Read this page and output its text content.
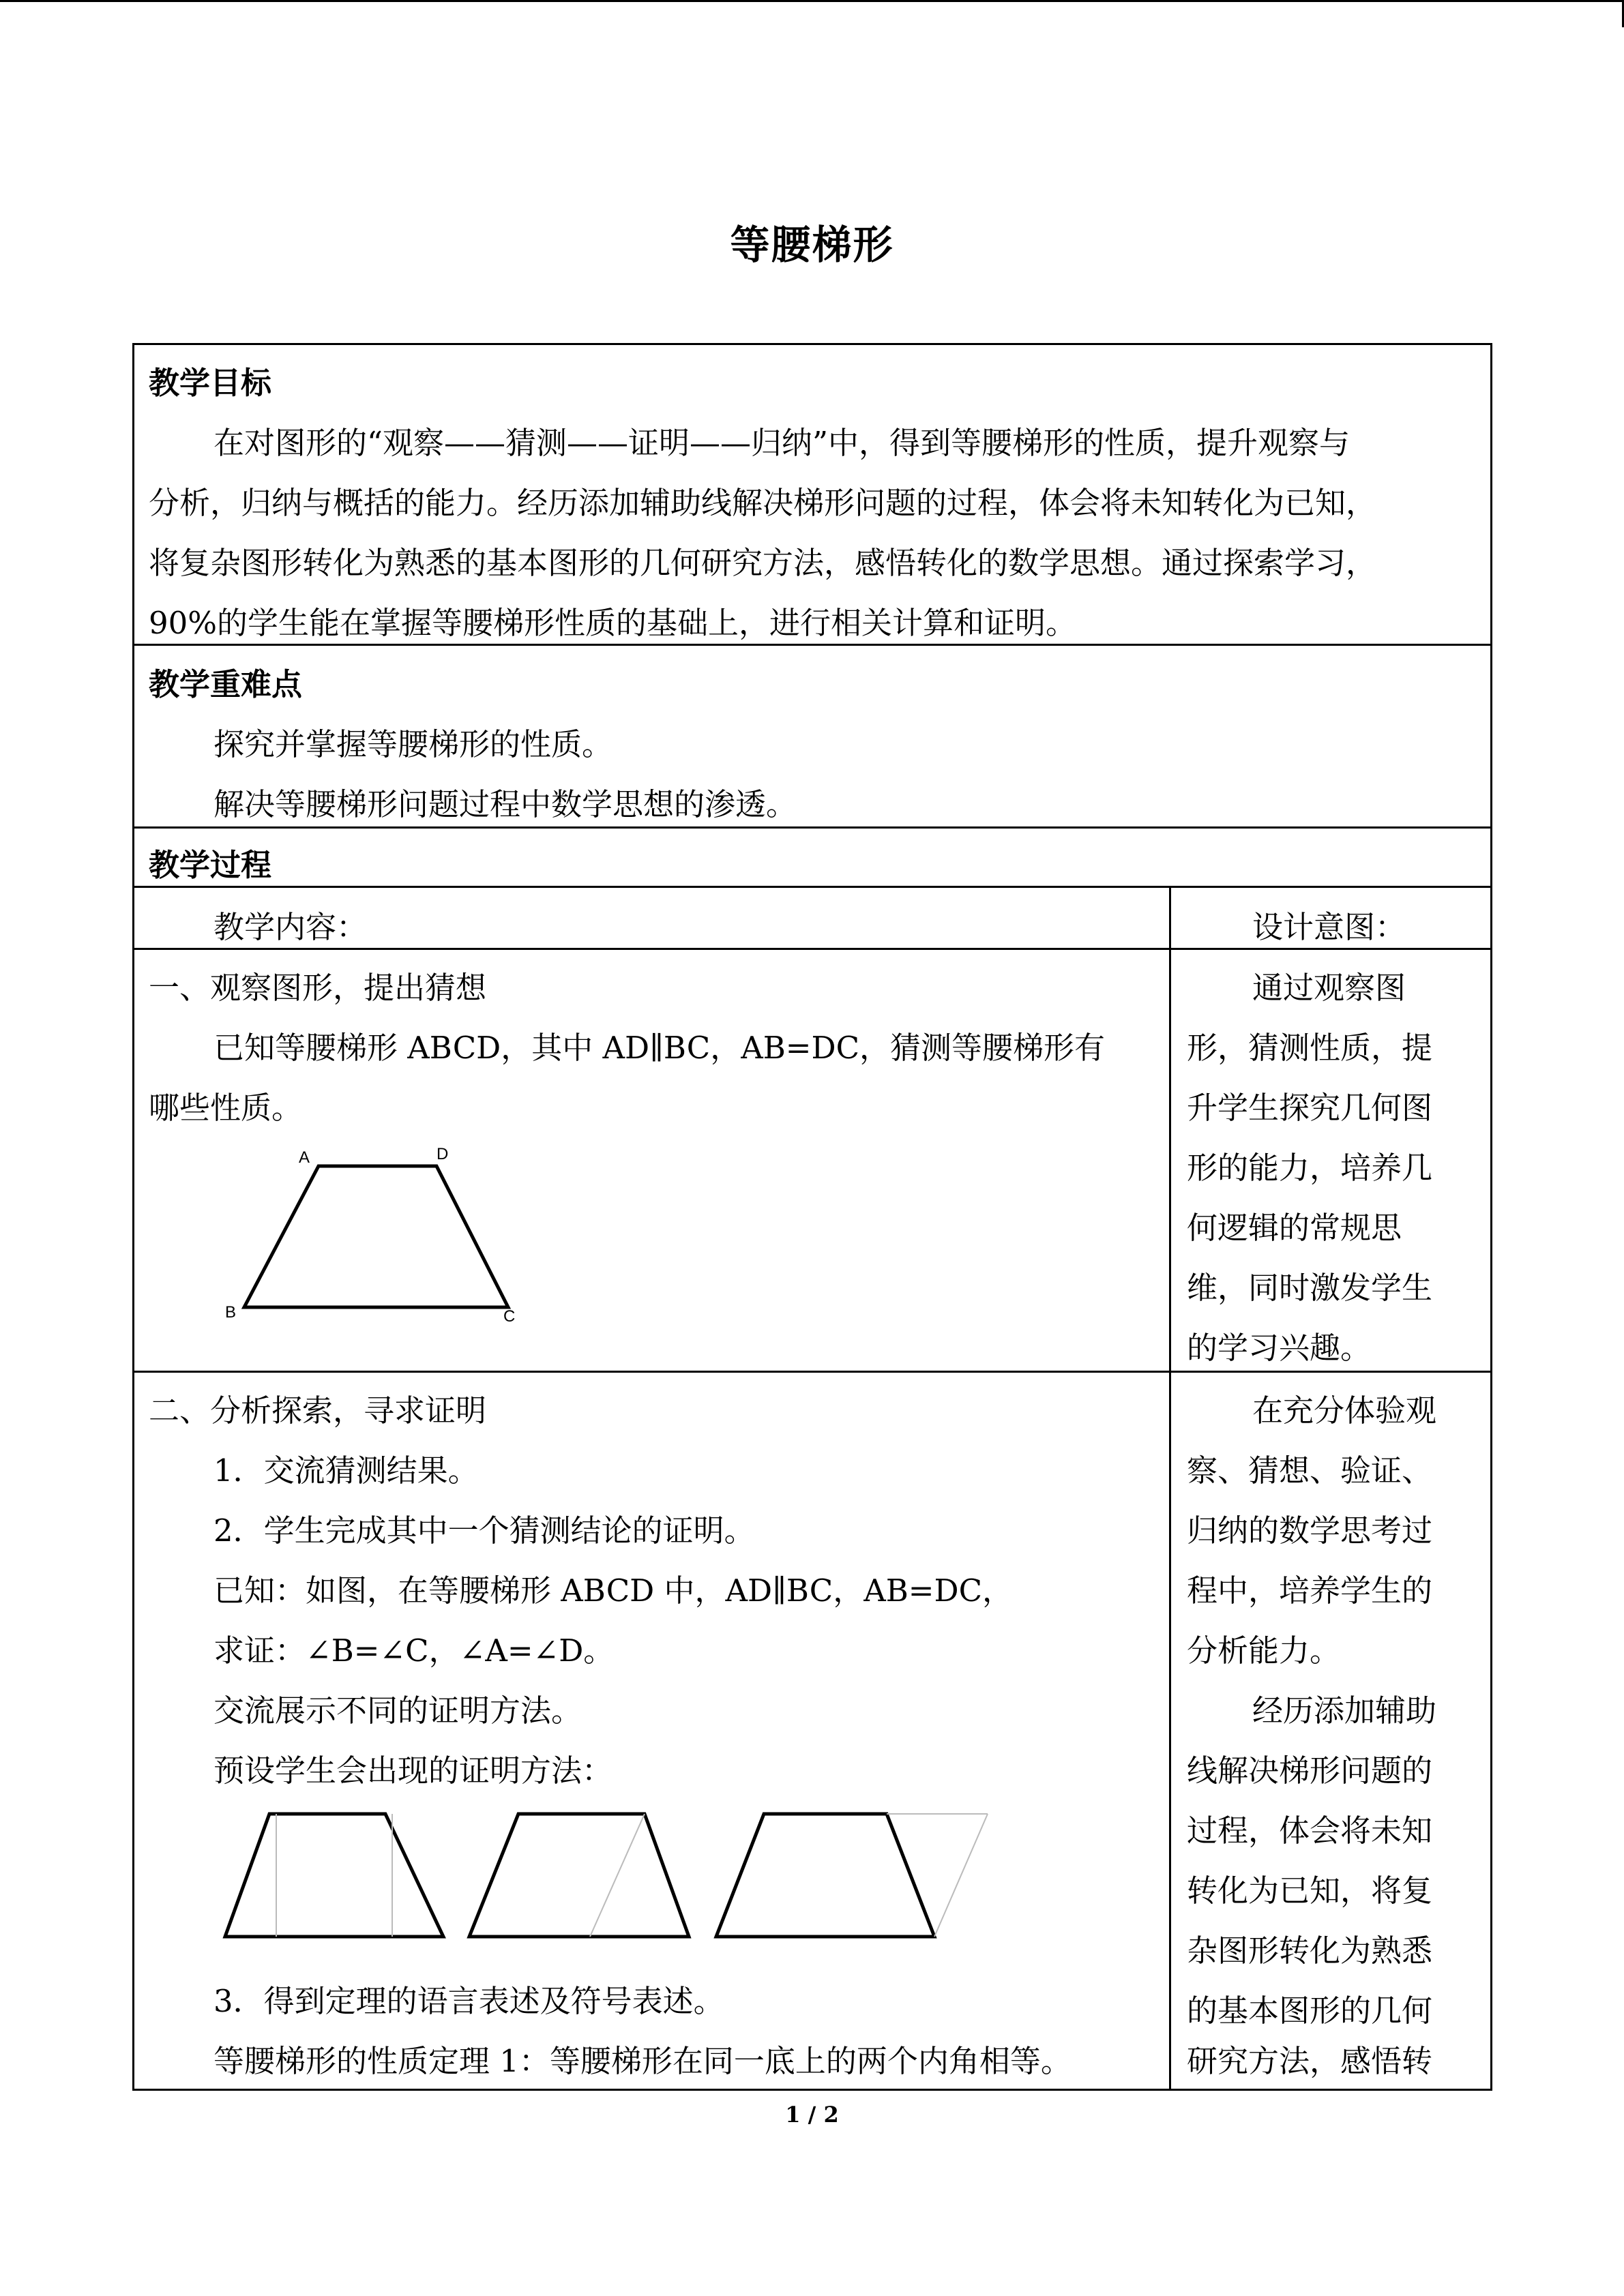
等腰梯形
教学目标
在对图形的“观察——猜测——证明——归纳”中，得到等腰梯形的性质，提升观察与
分析，归纳与概括的能力。经历添加辅助线解决梯形问题的过程，体会将未知转化为已知，
将复杂图形转化为熟悉的基本图形的几何研究方法，感悟转化的数学思想。通过探索学习，
90%的学生能在掌握等腰梯形性质的基础上，进行相关计算和证明。
教学重难点
探究并掌握等腰梯形的性质。
解决等腰梯形问题过程中数学思想的渗透。
教学过程
教学内容：	设计意图：
一、观察图形，提出猜想
已知等腰梯形 ABCD，其中 AD∥BC，AB=DC，猜测等腰梯形有
哪些性质。
A	D
B	C
通过观察图
形，猜测性质，提
升学生探究几何图
形的能力，培养几
何逻辑的常规思
维，同时激发学生
的学习兴趣。
二、分析探索，寻求证明
1．交流猜测结果。
2．学生完成其中一个猜测结论的证明。
已知：如图，在等腰梯形 ABCD 中，AD∥BC，AB=DC，
求证：∠B=∠C，∠A=∠D。
交流展示不同的证明方法。
预设学生会出现的证明方法：
3．得到定理的语言表述及符号表述。
等腰梯形的性质定理 1：等腰梯形在同一底上的两个内角相等。
在充分体验观
察、猜想、验证、
归纳的数学思考过
程中，培养学生的
分析能力。
经历添加辅助
线解决梯形问题的
过程，体会将未知
转化为已知，将复
杂图形转化为熟悉
的基本图形的几何
研究方法，感悟转
1 / 2
